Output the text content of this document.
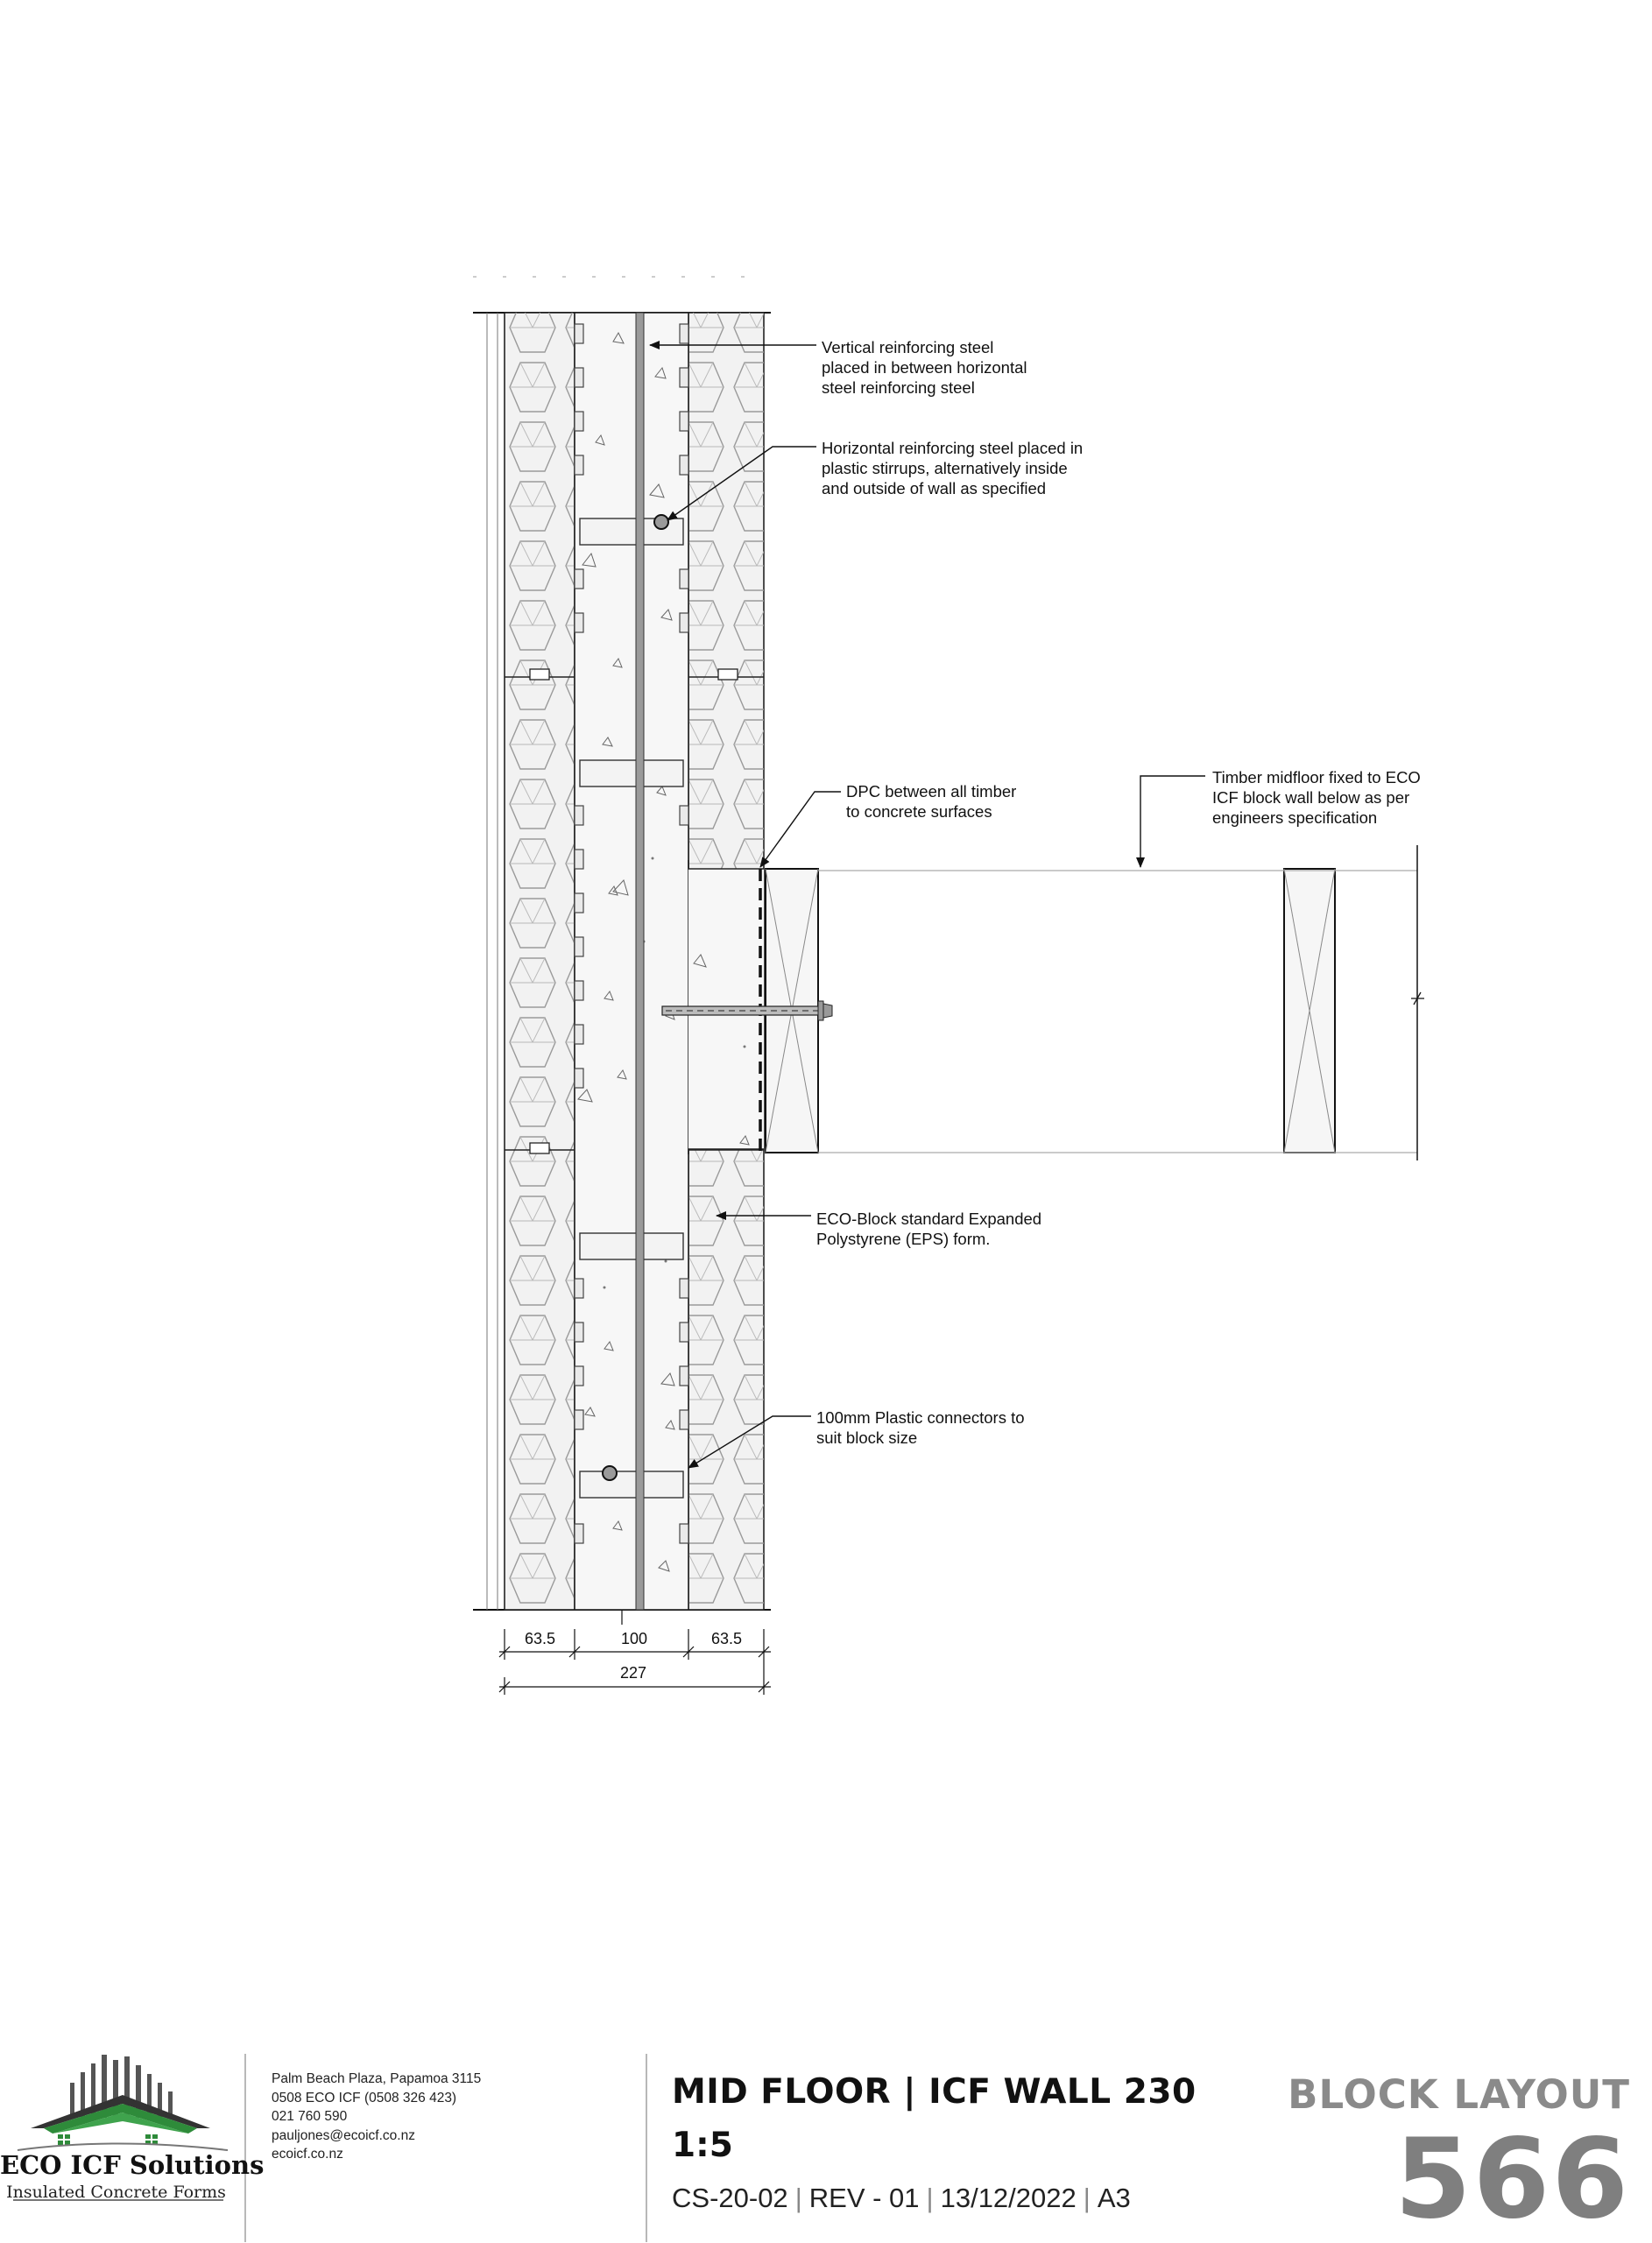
Vertical reinforcing steel
placed in between horizontal
steel reinforcing steel
Horizontal reinforcing steel placed in
plastic stirrups, alternatively inside
and outside of wall as specified
DPC between all timber
to concrete surfaces
Timber midfloor fixed to ECO
ICF block wall below as per
engineers specification
ECO-Block standard Expanded
Polystyrene (EPS) form.
100mm Plastic connectors to
suit block size
63.5	100	63.5
227
ECO ICF Solutions
Insulated Concrete Forms
Palm Beach Plaza, Papamoa 3115
0508 ECO ICF (0508 326 423)
021 760 590
pauljones@ecoicf.co.nz
ecoicf.co.nz
MID FLOOR | ICF WALL 230
1:5
CS-20-02 | REV - 01 | 13/12/2022 | A3
BLOCK LAYOUT
566
